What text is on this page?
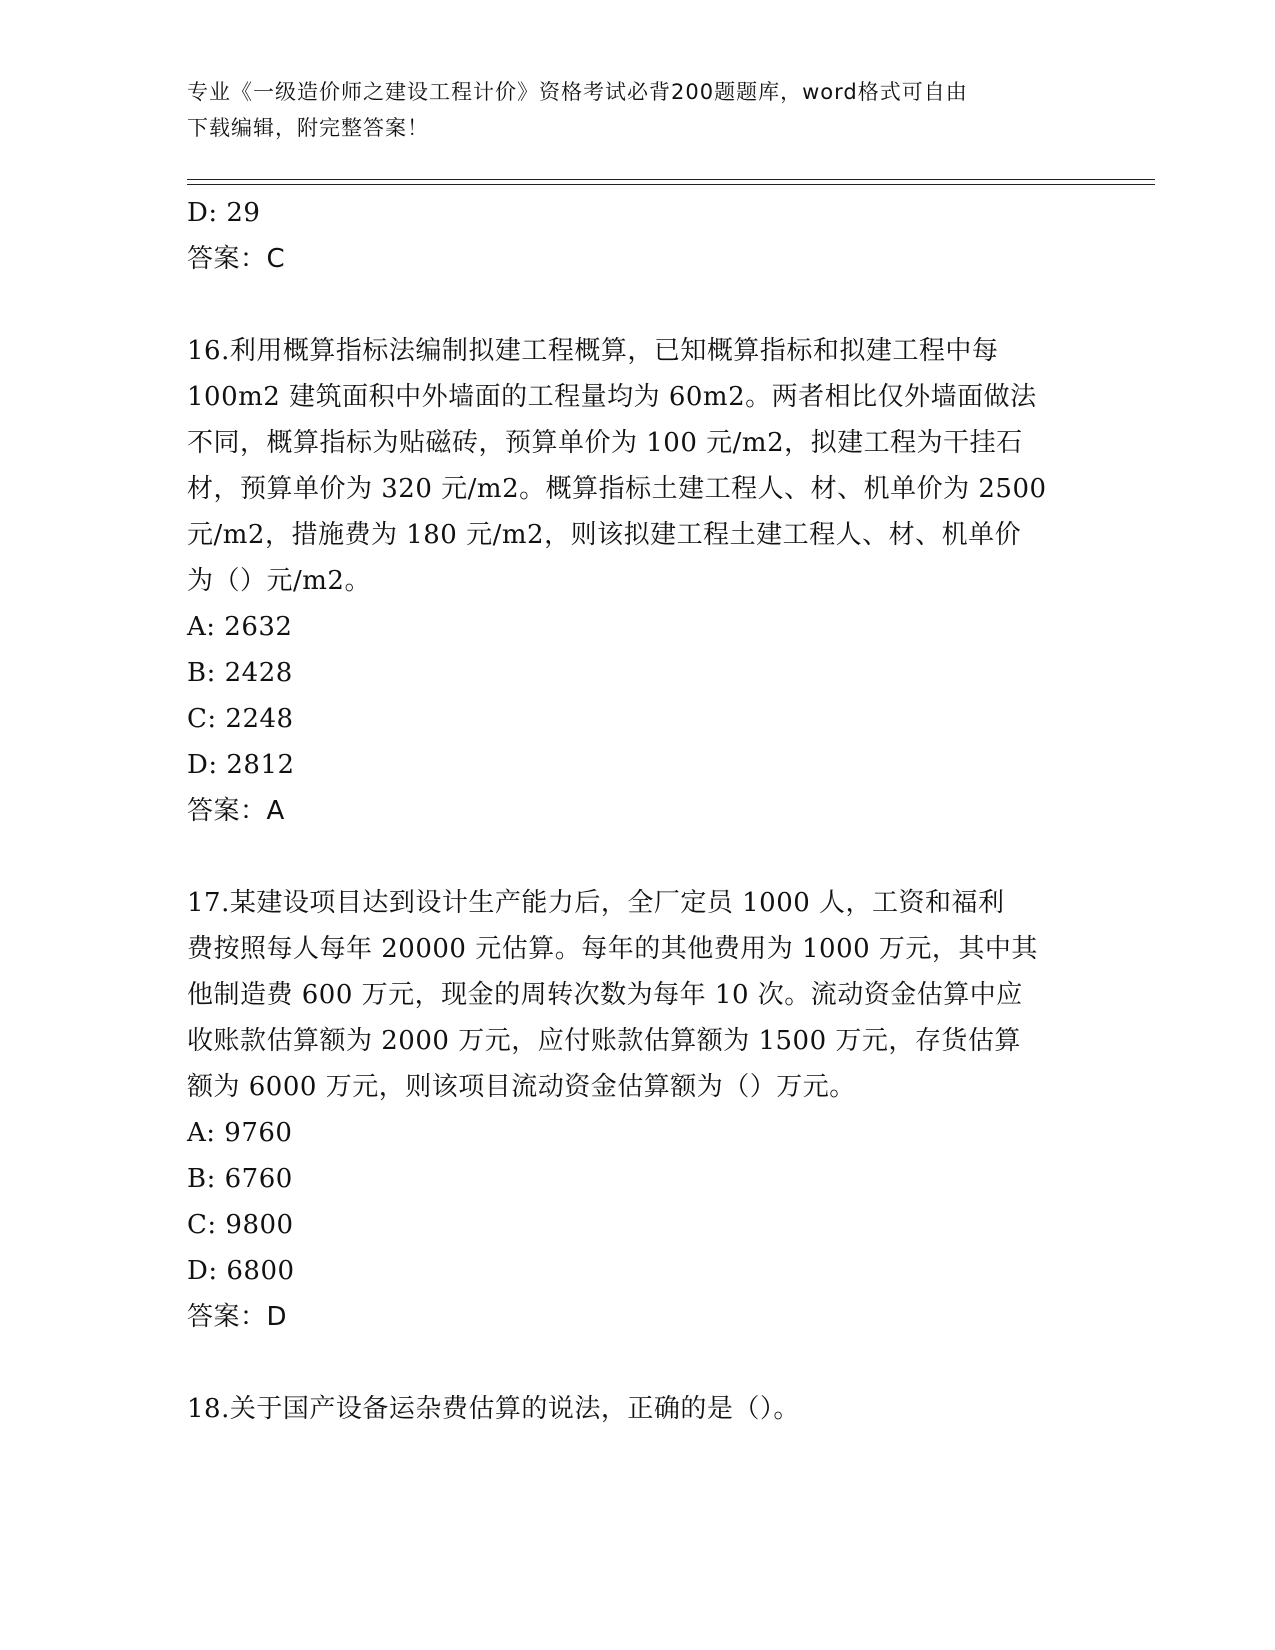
专业《一级造价师之建设工程计价》资格考试必背200题题库，word格式可自由
下载编辑，附完整答案！
D: 29
答案：C
16.利用概算指标法编制拟建工程概算，已知概算指标和拟建工程中每
100m2 建筑面积中外墙面的工程量均为 60m2。两者相比仅外墙面做法
不同，概算指标为贴磁砖，预算单价为 100 元/m2，拟建工程为干挂石
材，预算单价为 320 元/m2。概算指标土建工程人、材、机单价为 2500
元/m2，措施费为 180 元/m2，则该拟建工程土建工程人、材、机单价
为（）元/m2。
A: 2632
B: 2428
C: 2248
D: 2812
答案：A
17.某建设项目达到设计生产能力后，全厂定员 1000 人，工资和福利
费按照每人每年 20000 元估算。每年的其他费用为 1000 万元，其中其
他制造费 600 万元，现金的周转次数为每年 10 次。流动资金估算中应
收账款估算额为 2000 万元，应付账款估算额为 1500 万元，存货估算
额为 6000 万元，则该项目流动资金估算额为（）万元。
A: 9760
B: 6760
C: 9800
D: 6800
答案：D
18.关于国产设备运杂费估算的说法，正确的是（）。
